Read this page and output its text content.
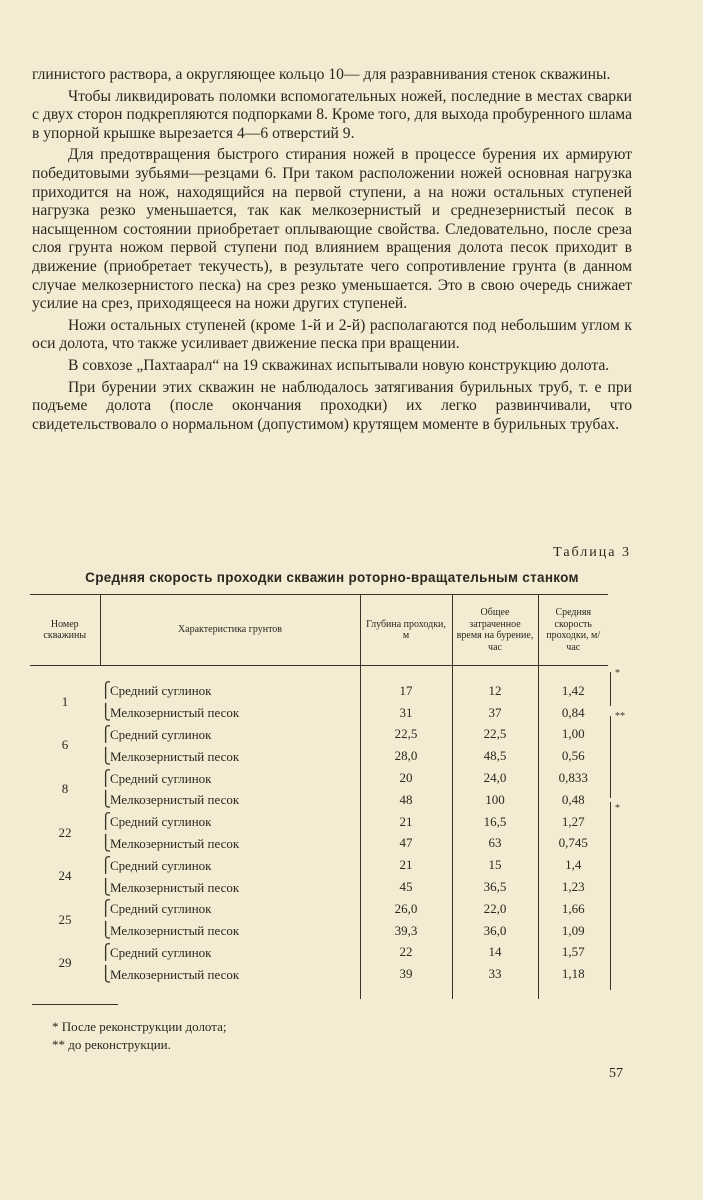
глинистого раствора, а округляющее кольцо 10— для разравнивания стенок скважины.

Чтобы ликвидировать поломки вспомогательных ножей, последние в местах сварки с двух сторон подкрепляются подпорками 8. Кроме того, для выхода пробуренного шлама в упорной крышке вырезается 4—6 отверстий 9.

Для предотвращения быстрого стирания ножей в процессе бурения их армируют победитовыми зубьями—резцами 6. При таком расположении ножей основная нагрузка приходится на нож, находящийся на первой ступени, а на ножи остальных ступеней нагрузка резко уменьшается, так как мелкозернистый и среднезернистый песок в насыщенном состоянии приобретает оплывающие свойства. Следовательно, после среза слоя грунта ножом первой ступени под влиянием вращения долота песок приходит в движение (приобретает текучесть), в результате чего сопротивление грунта (в данном случае мелкозернистого песка) на срез резко уменьшается. Это в свою очередь снижает усилие на срез, приходящееся на ножи других ступеней.

Ножи остальных ступеней (кроме 1-й и 2-й) располагаются под небольшим углом к оси долота, что также усиливает движение песка при вращении.

В совхозе „Пахтаарал“ на 19 скважинах испытывали новую конструкцию долота.

При бурении этих скважин не наблюдалось затягивания бурильных труб, т. е при подъеме долота (после окончания проходки) их легко развинчивали, что свидетельствовало о нормальном (допустимом) крутящем моменте в бурильных трубах.

Таблица 3
Средняя скорость проходки скважин роторно-вращательным станком
Номер скважины	Характеристика грунтов	Глубина проходки, м	Общее затраченное время на бурение, час	Средняя скорость проходки, м/час

1	⎧Средний суглинок	17	12	1,42
	⎩Мелкозернистый песок	31	37	0,84
6	⎧Средний суглинок	22,5	22,5	1,00
	⎩Мелкозернистый песок	28,0	48,5	0,56
8	⎧Средний суглинок	20	24,0	0,833
	⎩Мелкозернистый песок	48	100	0,48
22	⎧Средний суглинок	21	16,5	1,27
	⎩Мелкозернистый песок	47	63	0,745
24	⎧Средний суглинок	21	15	1,4
	⎩Мелкозернистый песок	45	36,5	1,23
25	⎧Средний суглинок	26,0	22,0	1,66
	⎩Мелкозернистый песок	39,3	36,0	1,09
29	⎧Средний суглинок	22	14	1,57
	⎩Мелкозернистый песок	39	33	1,18

*
**
*
* После реконструкции долота;
** до реконструкции.
57
